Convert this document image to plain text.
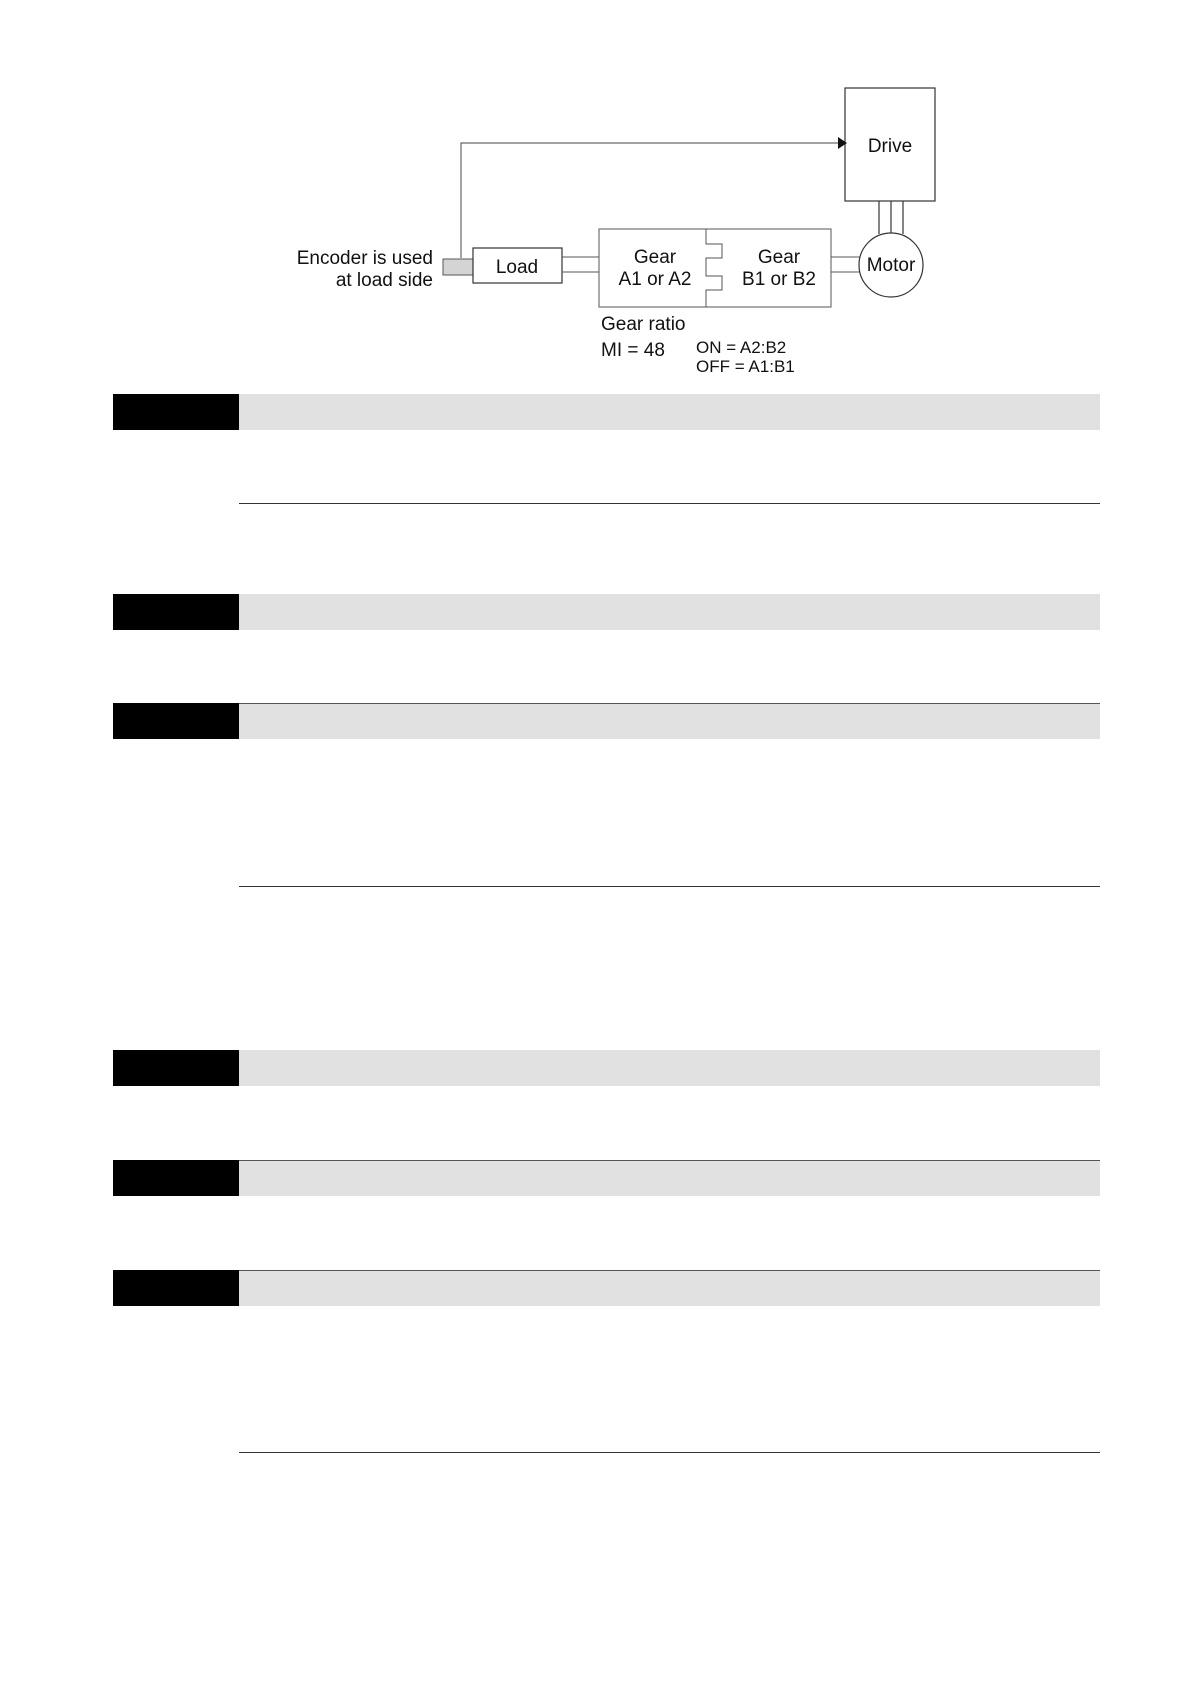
Drive
Encoder is used
at load side
Load	Gear
A1 or A2
Gear
B1 or B2
Motor
Gear ratio
MI = 48 ON = A2:B2
OFF = A1:B1
